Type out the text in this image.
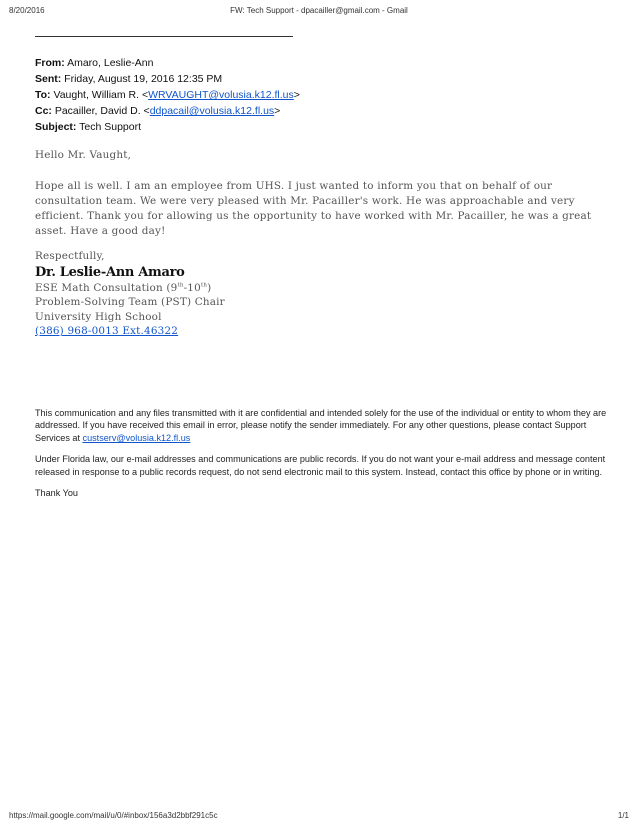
8/20/2016	FW: Tech Support - dpacailler@gmail.com - Gmail
From: Amaro, Leslie-Ann
Sent: Friday, August 19, 2016 12:35 PM
To: Vaught, William R. <WRVAUGHT@volusia.k12.fl.us>
Cc: Pacailler, David D. <ddpacail@volusia.k12.fl.us>
Subject: Tech Support

Hello Mr. Vaught,

Hope all is well. I am an employee from UHS. I just wanted to inform you that on behalf of our consultation team. We were very pleased with Mr. Pacailler's work. He was approachable and very efficient. Thank you for allowing us the opportunity to have worked with Mr. Pacailler, he was a great asset. Have a good day!

Respectfully,
Dr. Leslie-Ann Amaro
ESE Math Consultation (9th-10th)
Problem-Solving Team (PST) Chair
University High School
(386) 968-0013 Ext.46322

This communication and any files transmitted with it are confidential and intended solely for the use of the individual or entity to whom they are addressed. If you have received this email in error, please notify the sender immediately. For any other questions, please contact Support Services at custserv@volusia.k12.fl.us

Under Florida law, our e-mail addresses and communications are public records. If you do not want your e-mail address and message content released in response to a public records request, do not send electronic mail to this system. Instead, contact this office by phone or in writing.

Thank You

https://mail.google.com/mail/u/0/#inbox/156a3d2bbf291c5c	1/1
